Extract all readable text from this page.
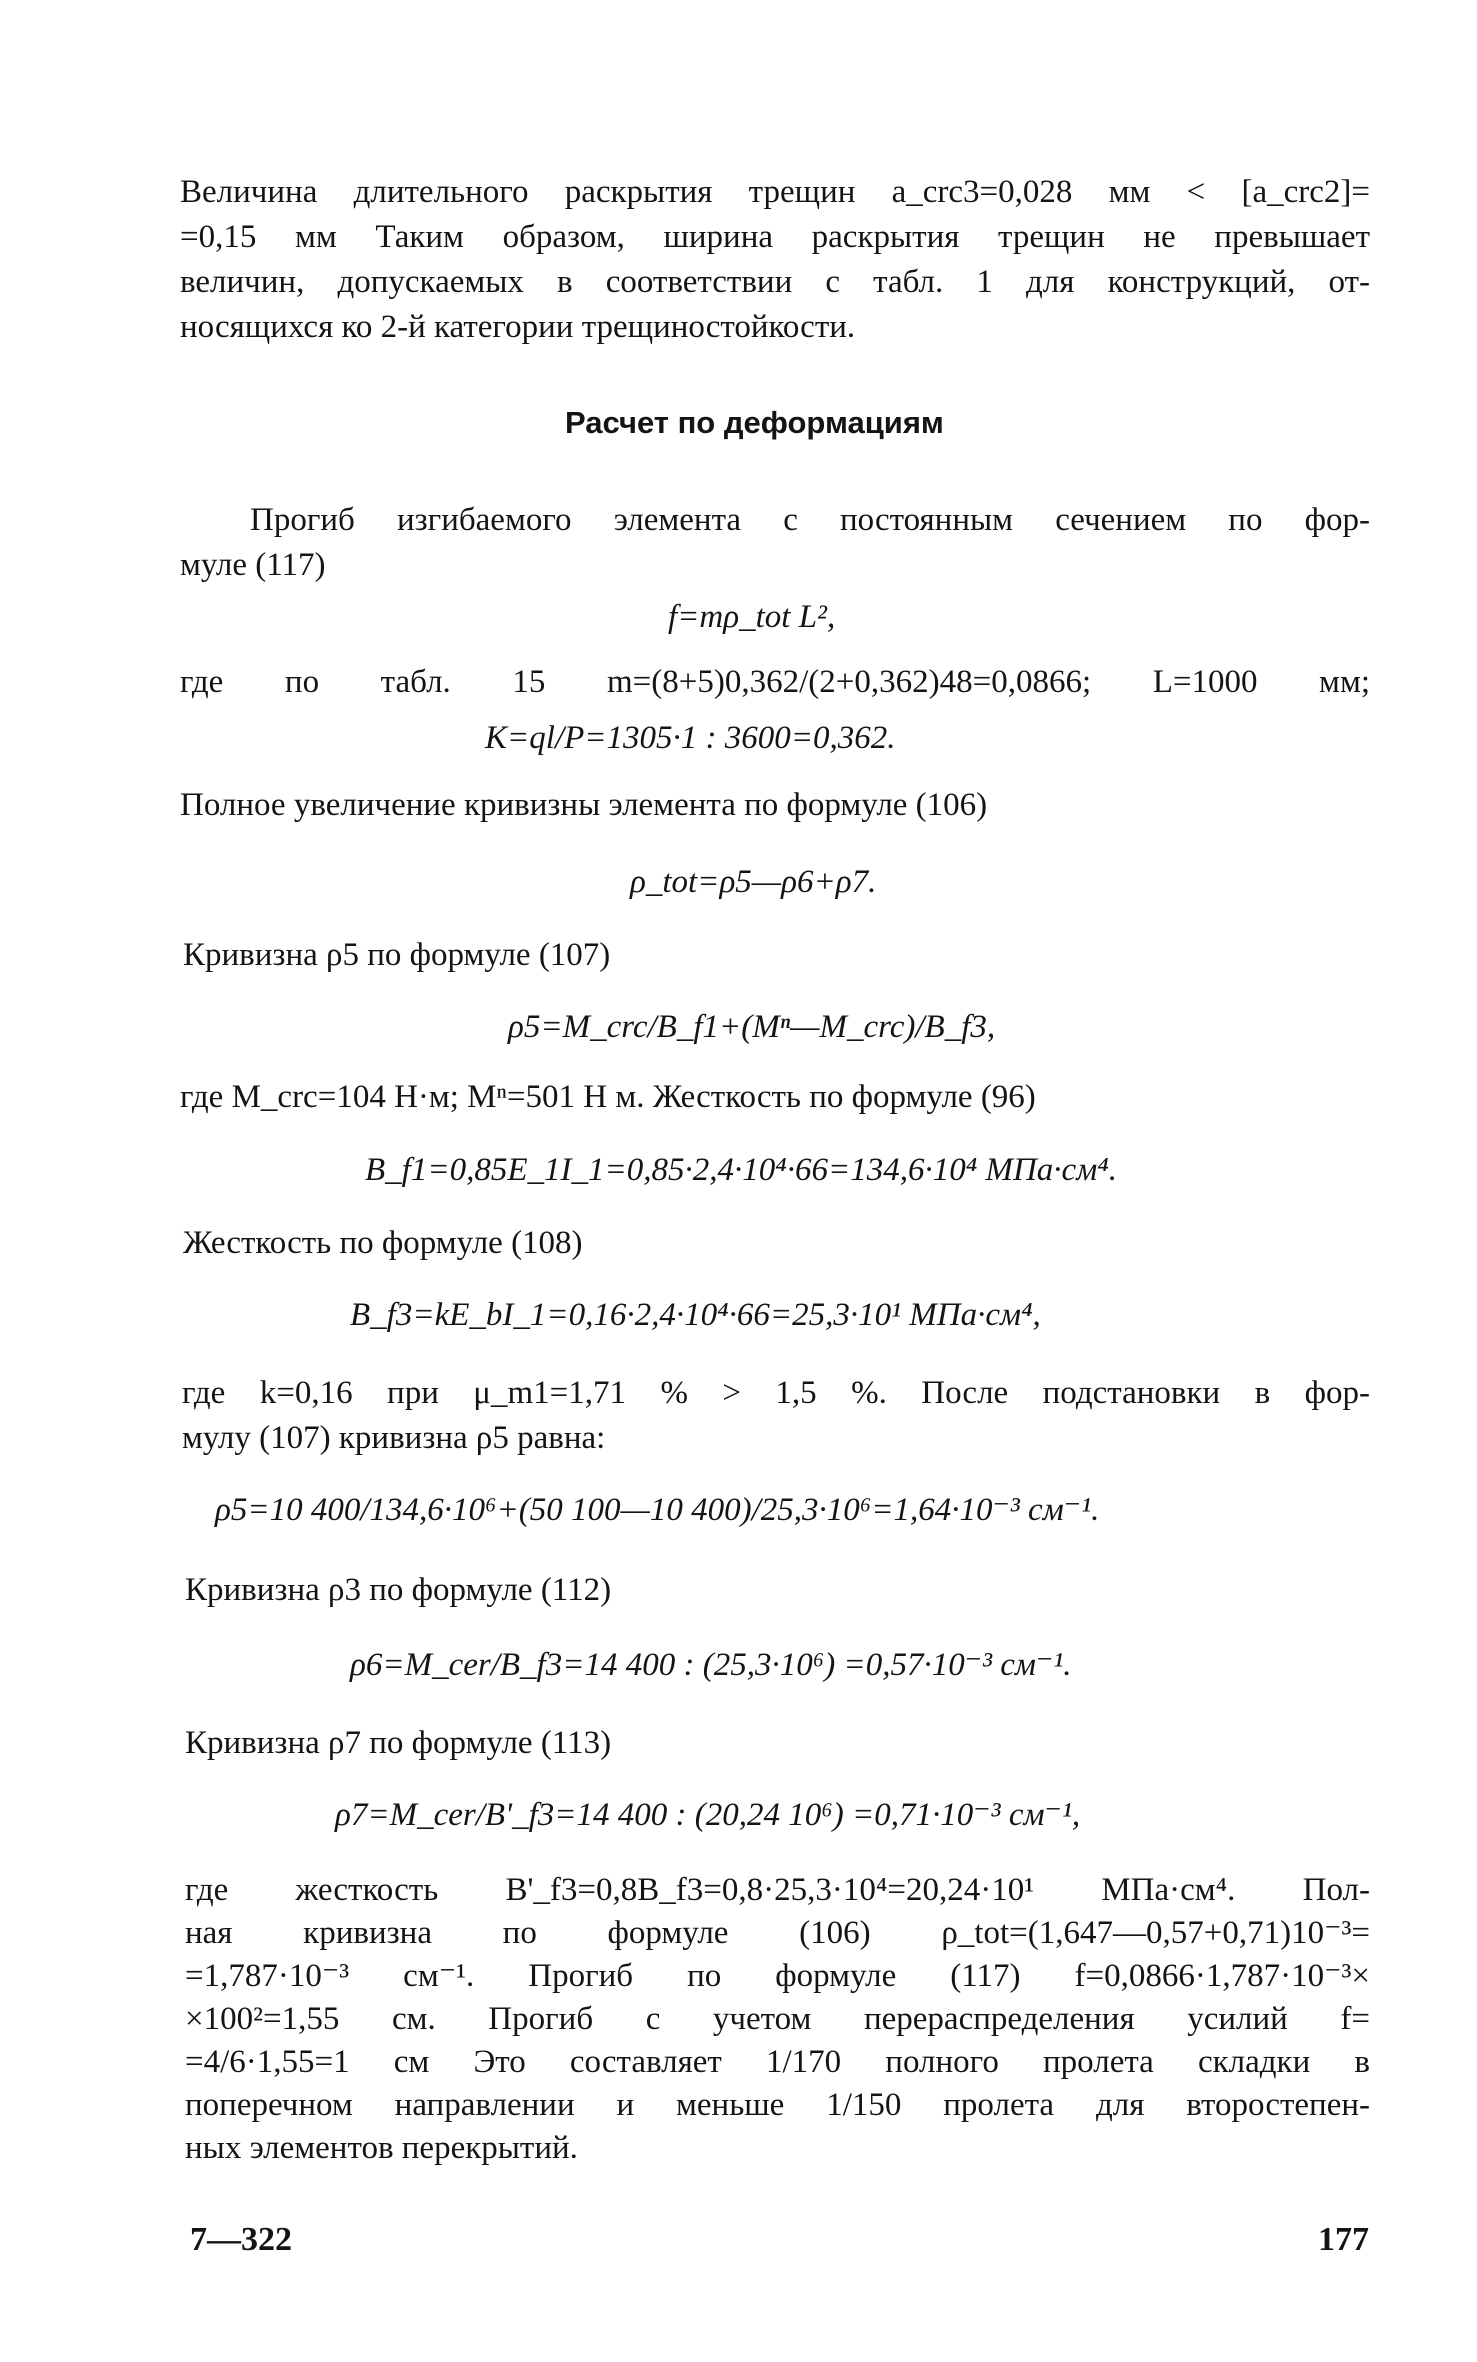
Величина длительного раскрытия трещин a_crc3=0,028 мм < [a_crc2]=
=0,15 мм Таким образом, ширина раскрытия трещин не превышает
величин, допускаемых в соответствии с табл. 1 для конструкций, от-
носящихся ко 2-й категории трещиностойкости.
Расчет по деформациям
Прогиб изгибаемого элемента с постоянным сечением по фор-
муле (117)
f=mρ_tot L²,
где по табл. 15 m=(8+5)0,362/(2+0,362)48=0,0866; L=1000 мм;
K=ql/P=1305·1 : 3600=0,362.
Полное увеличение кривизны элемента по формуле (106)
ρ_tot=ρ5—ρ6+ρ7.
Кривизна ρ5 по формуле (107)
ρ5=M_crc/B_f1+(Mⁿ—M_crc)/B_f3,
где M_crc=104 Н·м; Mⁿ=501 Н м. Жесткость по формуле (96)
B_f1=0,85E_1I_1=0,85·2,4·10⁴·66=134,6·10⁴ МПа·см⁴.
Жесткость по формуле (108)
B_f3=kE_bI_1=0,16·2,4·10⁴·66=25,3·10¹ МПа·см⁴,
где k=0,16 при μ_m1=1,71 % > 1,5 %. После подстановки в фор-
мулу (107) кривизна ρ5 равна:
ρ5=10 400/134,6·10⁶+(50 100—10 400)/25,3·10⁶=1,64·10⁻³ см⁻¹.
Кривизна ρ3 по формуле (112)
ρ6=M_cer/B_f3=14 400 : (25,3·10⁶) =0,57·10⁻³ см⁻¹.
Кривизна ρ7 по формуле (113)
ρ7=M_cer/B'_f3=14 400 : (20,24 10⁶) =0,71·10⁻³ см⁻¹,
где жесткость B'_f3=0,8B_f3=0,8·25,3·10⁴=20,24·10¹ МПа·см⁴. Пол-
ная кривизна по формуле (106) ρ_tot=(1,647—0,57+0,71)10⁻³=
=1,787·10⁻³ см⁻¹. Прогиб по формуле (117) f=0,0866·1,787·10⁻³×
×100²=1,55 см. Прогиб с учетом перераспределения усилий f=
=4/6·1,55=1 см Это составляет 1/170 полного пролета складки в
поперечном направлении и меньше 1/150 пролета для второстепен-
ных элементов перекрытий.
7—322	177
